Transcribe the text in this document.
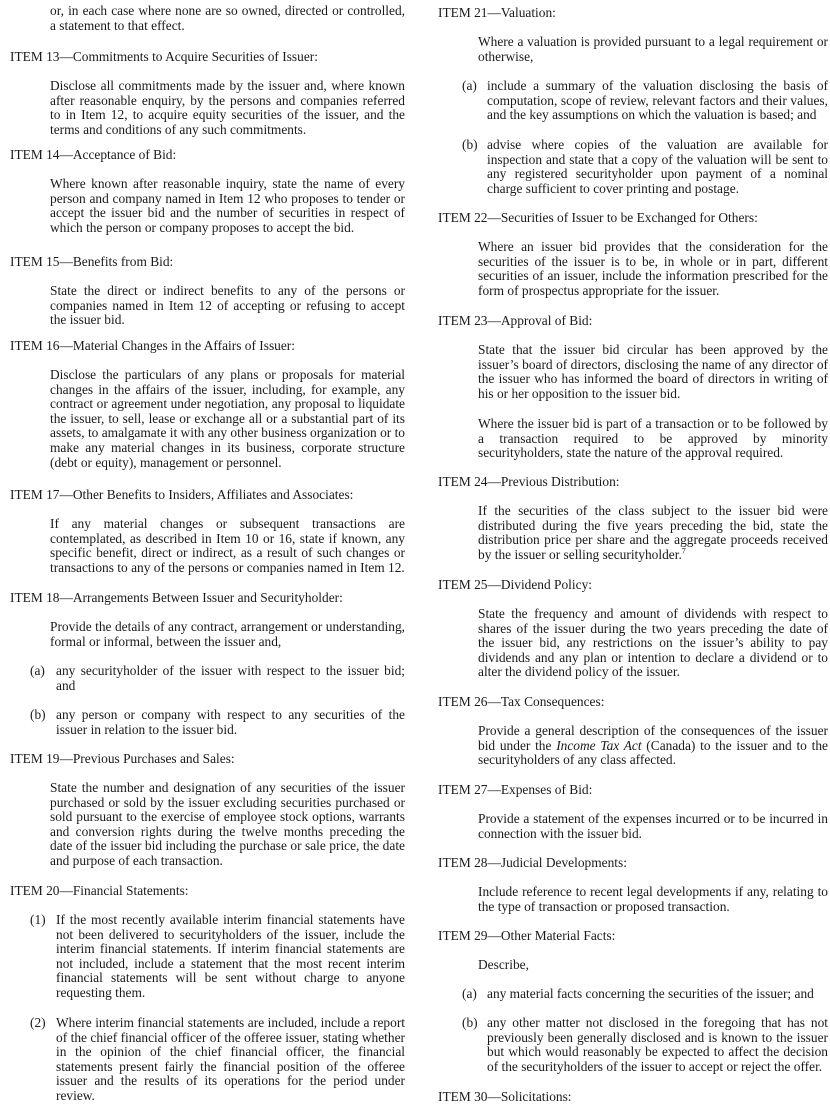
or, in each case where none are so owned, directed or controlled, a statement to that effect.
ITEM 13—Commitments to Acquire Securities of Issuer:
Disclose all commitments made by the issuer and, where known after reasonable enquiry, by the persons and companies referred to in Item 12, to acquire equity securities of the issuer, and the terms and conditions of any such commitments.
ITEM 14—Acceptance of Bid:
Where known after reasonable inquiry, state the name of every person and company named in Item 12 who proposes to tender or accept the issuer bid and the number of securities in respect of which the person or company proposes to accept the bid.
ITEM 15—Benefits from Bid:
State the direct or indirect benefits to any of the persons or companies named in Item 12 of accepting or refusing to accept the issuer bid.
ITEM 16—Material Changes in the Affairs of Issuer:
Disclose the particulars of any plans or proposals for material changes in the affairs of the issuer, including, for example, any contract or agreement under negotiation, any proposal to liquidate the issuer, to sell, lease or exchange all or a substantial part of its assets, to amalgamate it with any other business organization or to make any material changes in its business, corporate structure (debt or equity), management or personnel.
ITEM 17—Other Benefits to Insiders, Affiliates and Associates:
If any material changes or subsequent transactions are contemplated, as described in Item 10 or 16, state if known, any specific benefit, direct or indirect, as a result of such changes or transactions to any of the persons or companies named in Item 12.
ITEM 18—Arrangements Between Issuer and Securityholder:
Provide the details of any contract, arrangement or understanding, formal or informal, between the issuer and,
(a) any securityholder of the issuer with respect to the issuer bid; and
(b) any person or company with respect to any securities of the issuer in relation to the issuer bid.
ITEM 19—Previous Purchases and Sales:
State the number and designation of any securities of the issuer purchased or sold by the issuer excluding securities purchased or sold pursuant to the exercise of employee stock options, warrants and conversion rights during the twelve months preceding the date of the issuer bid including the purchase or sale price, the date and purpose of each transaction.
ITEM 20—Financial Statements:
(1) If the most recently available interim financial statements have not been delivered to securityholders of the issuer, include the interim financial statements. If interim financial statements are not included, include a statement that the most recent interim financial statements will be sent without charge to anyone requesting them.
(2) Where interim financial statements are included, include a report of the chief financial officer of the offeree issuer, stating whether in the opinion of the chief financial officer, the financial statements present fairly the financial position of the offeree issuer and the results of its operations for the period under review.
ITEM 21—Valuation:
Where a valuation is provided pursuant to a legal requirement or otherwise,
(a) include a summary of the valuation disclosing the basis of computation, scope of review, relevant factors and their values, and the key assumptions on which the valuation is based; and
(b) advise where copies of the valuation are available for inspection and state that a copy of the valuation will be sent to any registered securityholder upon payment of a nominal charge sufficient to cover printing and postage.
ITEM 22—Securities of Issuer to be Exchanged for Others:
Where an issuer bid provides that the consideration for the securities of the issuer is to be, in whole or in part, different securities of an issuer, include the information prescribed for the form of prospectus appropriate for the issuer.
ITEM 23—Approval of Bid:
State that the issuer bid circular has been approved by the issuer’s board of directors, disclosing the name of any director of the issuer who has informed the board of directors in writing of his or her opposition to the issuer bid.
Where the issuer bid is part of a transaction or to be followed by a transaction required to be approved by minority securityholders, state the nature of the approval required.
ITEM 24—Previous Distribution:
If the securities of the class subject to the issuer bid were distributed during the five years preceding the bid, state the distribution price per share and the aggregate proceeds received by the issuer or selling securityholder.$^7$
ITEM 25—Dividend Policy:
State the frequency and amount of dividends with respect to shares of the issuer during the two years preceding the date of the issuer bid, any restrictions on the issuer’s ability to pay dividends and any plan or intention to declare a dividend or to alter the dividend policy of the issuer.
ITEM 26—Tax Consequences:
Provide a general description of the consequences of the issuer bid under the Income Tax Act (Canada) to the issuer and to the securityholders of any class affected.
ITEM 27—Expenses of Bid:
Provide a statement of the expenses incurred or to be incurred in connection with the issuer bid.
ITEM 28—Judicial Developments:
Include reference to recent legal developments if any, relating to the type of transaction or proposed transaction.
ITEM 29—Other Material Facts:
Describe,
(a) any material facts concerning the securities of the issuer; and
(b) any other matter not disclosed in the foregoing that has not previously been generally disclosed and is known to the issuer but which would reasonably be expected to affect the decision of the securityholders of the issuer to accept or reject the offer.
ITEM 30—Solicitations:
